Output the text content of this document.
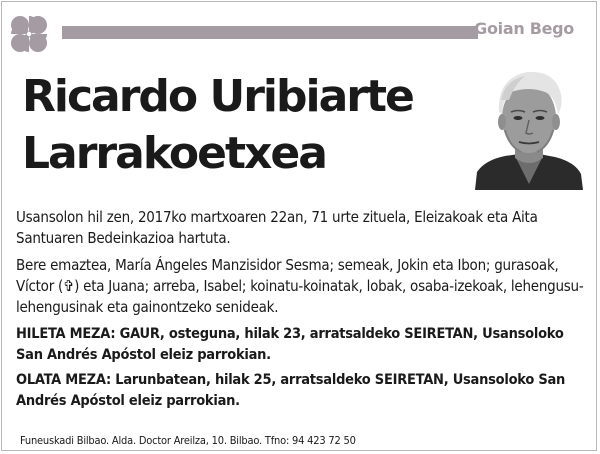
Goian Bego
Ricardo Uribiarte
Larrakoetxea

Usansolon hil zen, 2017ko martxoaren 22an, 71 urte zituela, Eleizakoak eta Aita Santuaren Bedeinkazioa hartuta.

Bere emaztea, María Ángeles Manzisidor Sesma; semeak, Jokin eta Ibon; gurasoak, Víctor (✞) eta Juana; arreba, Isabel; koinatu-koinatak, lobak, osaba-izekoak, lehengusu-lehengusinak eta gainontzeko senideak.

HILETA MEZA: GAUR, osteguna, hilak 23, arratsaldeko SEIRETAN, Usansoloko San Andrés Apóstol eleiz parrokian.

OLATA MEZA: Larunbatean, hilak 25, arratsaldeko SEIRETAN, Usansoloko San Andrés Apóstol eleiz parrokian.

Funeuskadi Bilbao. Alda. Doctor Areilza, 10. Bilbao. Tfno: 94 423 72 50
